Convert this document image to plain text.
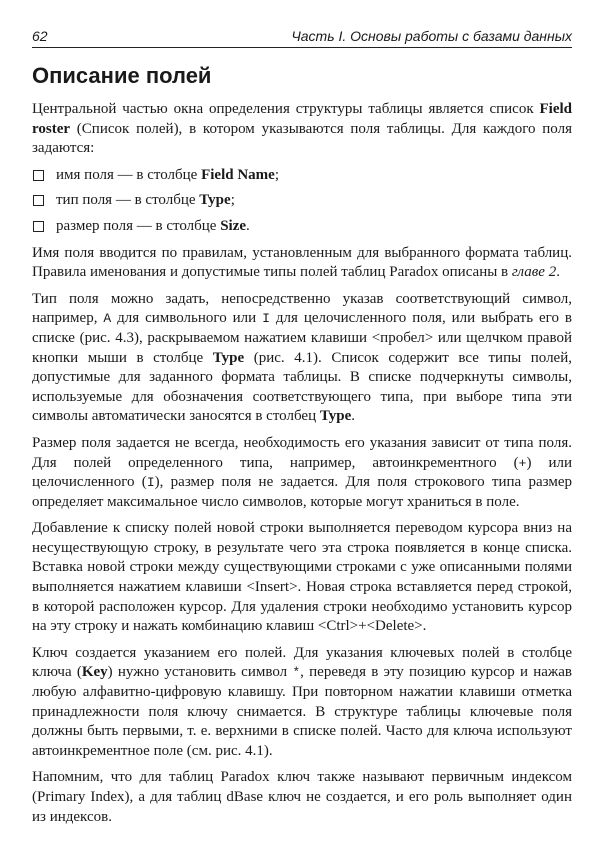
62	Часть I. Основы работы с базами данных
Описание полей

Центральной частью окна определения структуры таблицы является список Field roster (Список полей), в котором указываются поля таблицы. Для каждого поля задаются:

имя поля — в столбце Field Name;
тип поля — в столбце Type;
размер поля — в столбце Size.

Имя поля вводится по правилам, установленным для выбранного формата таблиц. Правила именования и допустимые типы полей таблиц Paradox описаны в главе 2.

Тип поля можно задать, непосредственно указав соответствующий символ, например, A для символьного или I для целочисленного поля, или выбрать его в списке (рис. 4.3), раскрываемом нажатием клавиши <пробел> или щелчком правой кнопки мыши в столбце Type (рис. 4.1). Список содержит все типы полей, допустимые для заданного формата таблицы. В списке подчеркнуты символы, используемые для обозначения соответствующего типа, при выборе типа эти символы автоматически заносятся в столбец Type.

Размер поля задается не всегда, необходимость его указания зависит от типа поля. Для полей определенного типа, например, автоинкрементного (+) или целочисленного (I), размер поля не задается. Для поля строкового типа размер определяет максимальное число символов, которые могут храниться в поле.

Добавление к списку полей новой строки выполняется переводом курсора вниз на несуществующую строку, в результате чего эта строка появляется в конце списка. Вставка новой строки между существующими строками с уже описанными полями выполняется нажатием клавиши <Insert>. Новая строка вставляется перед строкой, в которой расположен курсор. Для удаления строки необходимо установить курсор на эту строку и нажать комбинацию клавиш <Ctrl>+<Delete>.

Ключ создается указанием его полей. Для указания ключевых полей в столбце ключа (Key) нужно установить символ *, переведя в эту позицию курсор и нажав любую алфавитно-цифровую клавишу. При повторном нажатии клавиши отметка принадлежности поля ключу снимается. В структуре таблицы ключевые поля должны быть первыми, т. е. верхними в списке полей. Часто для ключа используют автоинкрементное поле (см. рис. 4.1).

Напомним, что для таблиц Paradox ключ также называют первичным индексом (Primary Index), а для таблиц dBase ключ не создается, и его роль выполняет один из индексов.
